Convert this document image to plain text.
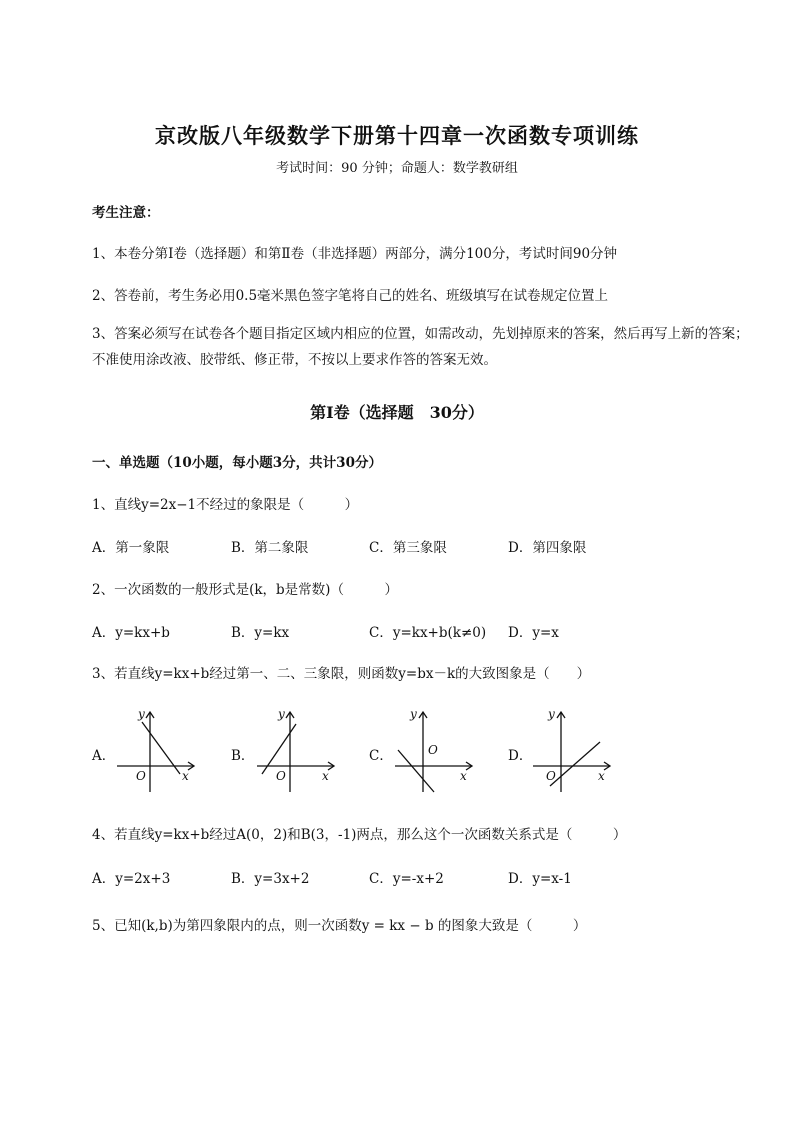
京改版八年级数学下册第十四章一次函数专项训练
考试时间：90 分钟；命题人：数学教研组
考生注意：
1、本卷分第Ⅰ卷（选择题）和第Ⅱ卷（非选择题）两部分，满分100分，考试时间90分钟
2、答卷前，考生务必用0.5毫米黑色签字笔将自己的姓名、班级填写在试卷规定位置上
3、答案必须写在试卷各个题目指定区域内相应的位置，如需改动，先划掉原来的答案，然后再写上新的答案；不准使用涂改液、胶带纸、修正带，不按以上要求作答的答案无效。
第Ⅰ卷（选择题　30分）
一、单选题（10小题，每小题3分，共计30分）
1、直线y=2x−1不经过的象限是（　　　）
A．第一象限	B．第二象限	C．第三象限	D．第四象限
2、一次函数的一般形式是(k，b是常数)（　　　）
A．y=kx+b	B．y=kx	C．y=kx+b(k≠0) D．y=x
3、若直线y=kx+b经过第一、二、三象限，则函数y=bx－k的大致图象是（　　）
A．
y
O	x
B．
y
O	x
C．
y
O
x
D．
y
O	x
4、若直线y=kx+b经过A(0，2)和B(3，-1)两点，那么这个一次函数关系式是（　　　）
A．y=2x+3	B．y=3x+2	C．y=-x+2	D．y=x-1
5、已知(k,b)为第四象限内的点，则一次函数y = kx − b 的图象大致是（　　　）
